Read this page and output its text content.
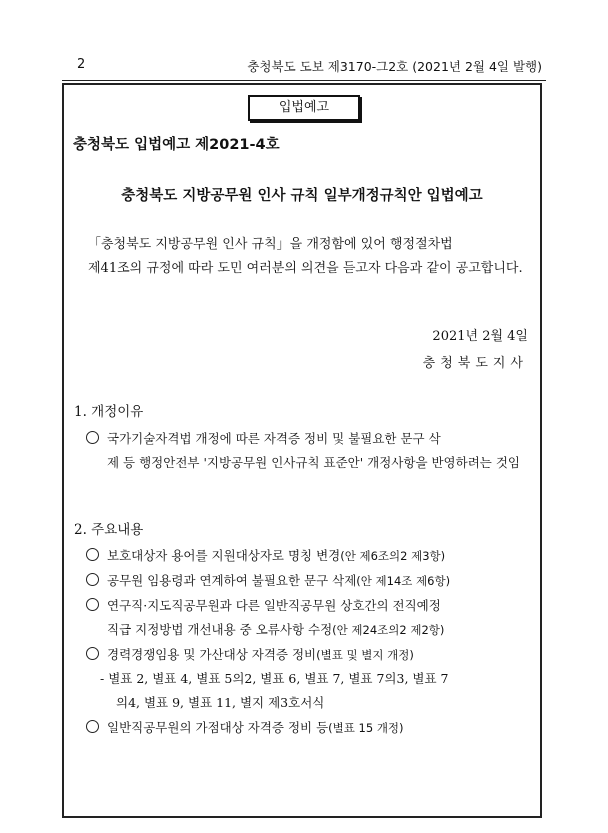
2	충청북도 도보 제3170-그2호 (2021년 2월 4일 발행)
입법예고
충청북도 입법예고 제2021-4호
충청북도 지방공무원 인사 규칙 일부개정규칙안 입법예고
「충청북도 지방공무원 인사 규칙」을 개정함에 있어 행정절차법
제41조의 규정에 따라 도민 여러분의 의견을 듣고자 다음과 같이 공고합니다.
2021년 2월 4일
충청북도지사
1. 개정이유
국가기술자격법 개정에 따른 자격증 정비 및 불필요한 문구 삭
제 등 행정안전부 '지방공무원 인사규칙 표준안' 개정사항을 반영하려는 것임
2. 주요내용
보호대상자 용어를 지원대상자로 명칭 변경(안 제6조의2 제3항)
공무원 임용령과 연계하여 불필요한 문구 삭제(안 제14조 제6항)
연구직·지도직공무원과 다른 일반직공무원 상호간의 전직예정
직급 지정방법 개선내용 중 오류사항 수정(안 제24조의2 제2항)
경력경쟁임용 및 가산대상 자격증 정비(별표 및 별지 개정)
- 별표 2, 별표 4, 별표 5의2, 별표 6, 별표 7, 별표 7의3, 별표 7
의4, 별표 9, 별표 11, 별지 제3호서식
일반직공무원의 가점대상 자격증 정비 등(별표 15 개정)
